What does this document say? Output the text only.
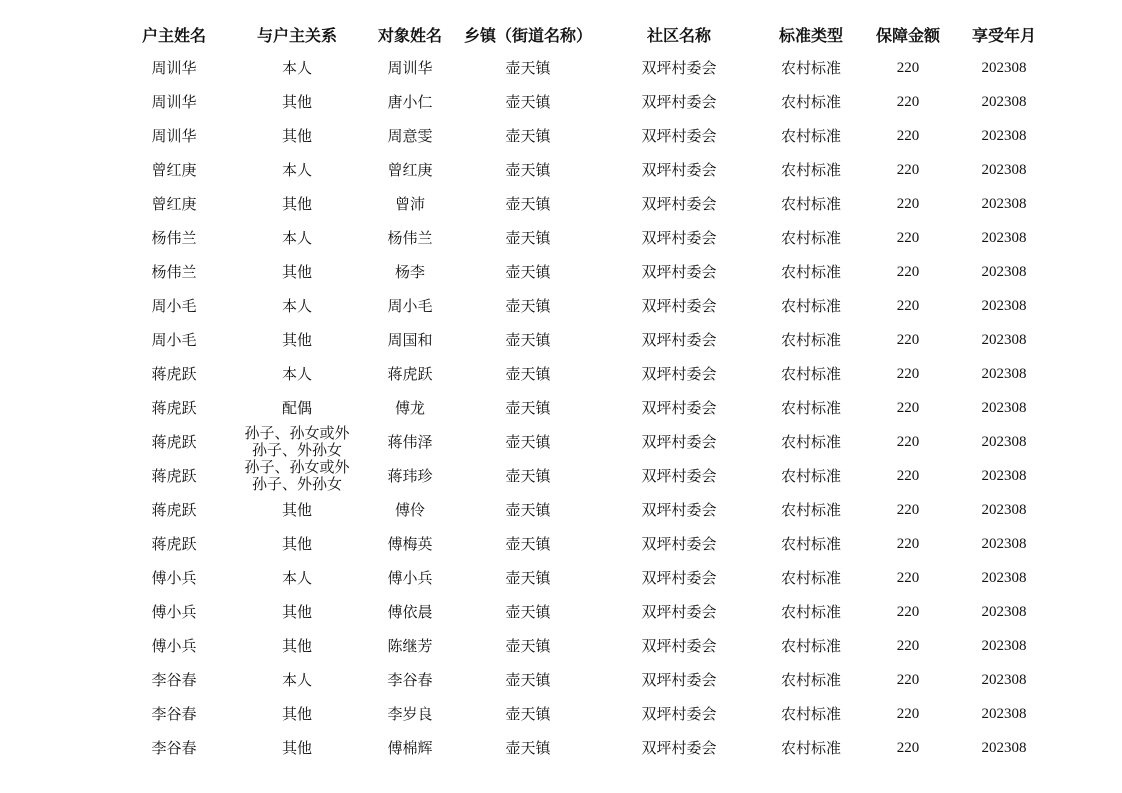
户主姓名	与户主关系	对象姓名	乡镇（街道名称）	社区名称	标准类型	保障金额	享受年月
周训华	本人	周训华	壶天镇	双坪村委会	农村标准	220	202308
周训华	其他	唐小仁	壶天镇	双坪村委会	农村标准	220	202308
周训华	其他	周意雯	壶天镇	双坪村委会	农村标准	220	202308
曾红庚	本人	曾红庚	壶天镇	双坪村委会	农村标准	220	202308
曾红庚	其他	曾沛	壶天镇	双坪村委会	农村标准	220	202308
杨伟兰	本人	杨伟兰	壶天镇	双坪村委会	农村标准	220	202308
杨伟兰	其他	杨李	壶天镇	双坪村委会	农村标准	220	202308
周小毛	本人	周小毛	壶天镇	双坪村委会	农村标准	220	202308
周小毛	其他	周国和	壶天镇	双坪村委会	农村标准	220	202308
蒋虎跃	本人	蒋虎跃	壶天镇	双坪村委会	农村标准	220	202308
蒋虎跃	配偶	傅龙	壶天镇	双坪村委会	农村标准	220	202308
蒋虎跃	孙子、孙女或外孙子、外孙女	蒋伟泽	壶天镇	双坪村委会	农村标准	220	202308
蒋虎跃	孙子、孙女或外孙子、外孙女	蒋玮珍	壶天镇	双坪村委会	农村标准	220	202308
蒋虎跃	其他	傅伶	壶天镇	双坪村委会	农村标准	220	202308
蒋虎跃	其他	傅梅英	壶天镇	双坪村委会	农村标准	220	202308
傅小兵	本人	傅小兵	壶天镇	双坪村委会	农村标准	220	202308
傅小兵	其他	傅依晨	壶天镇	双坪村委会	农村标准	220	202308
傅小兵	其他	陈继芳	壶天镇	双坪村委会	农村标准	220	202308
李谷春	本人	李谷春	壶天镇	双坪村委会	农村标准	220	202308
李谷春	其他	李岁良	壶天镇	双坪村委会	农村标准	220	202308
李谷春	其他	傅棉辉	壶天镇	双坪村委会	农村标准	220	202308
